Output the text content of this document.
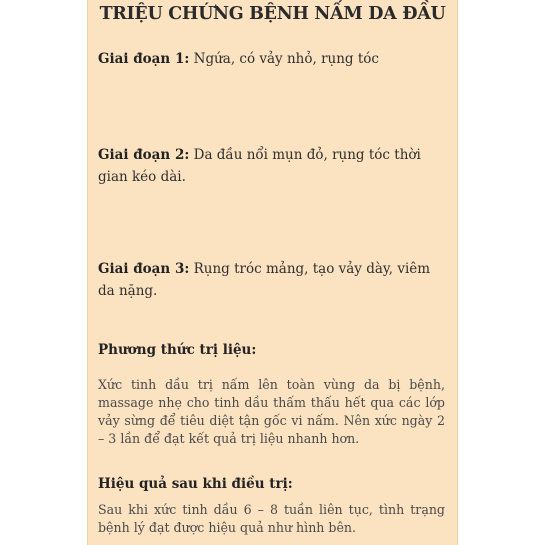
TRIỆU CHỨNG BỆNH NẤM DA ĐẦU
Giai đoạn 1: Ngứa, có vảy nhỏ, rụng tóc
Giai đoạn 2: Da đầu nổi mụn đỏ, rụng tóc thời gian kéo dài.
Giai đoạn 3: Rụng tróc mảng, tạo vảy dày, viêm da nặng.
Phương thức trị liệu:
Xức tinh dầu trị nấm lên toàn vùng da bị bệnh, massage nhẹ cho tinh dầu thấm thấu hết qua các lớp vảy sừng để tiêu diệt tận gốc vi nấm. Nên xức ngày 2 – 3 lần để đạt kết quả trị liệu nhanh hơn.
Hiệu quả sau khi điều trị:
Sau khi xức tinh dầu 6 – 8 tuần liên tục, tình trạng bệnh lý đạt được hiệu quả như hình bên.
